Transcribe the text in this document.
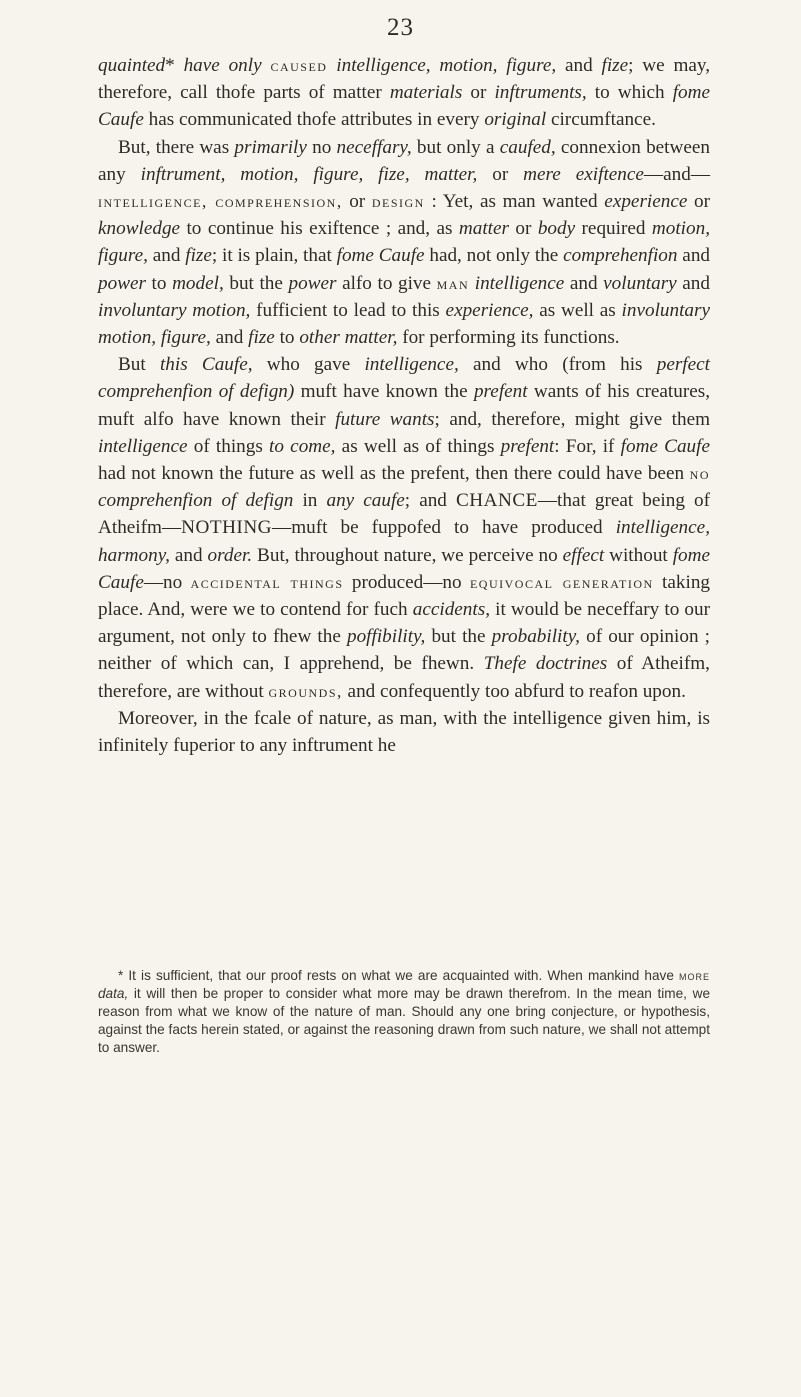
23

quainted* have only caused intelligence, motion, figure, and fize; we may, therefore, call thofe parts of matter materials or inftruments, to which fome Caufe has communicated thofe attributes in every original circumftance.

But, there was primarily no neceffary, but only a caufed, connexion between any inftrument, motion, figure, fize, matter, or mere exiftence—and—intelligence, comprehension, or design : Yet, as man wanted experience or knowledge to continue his exiftence ; and, as matter or body required motion, figure, and fize; it is plain, that fome Caufe had, not only the comprehenfion and power to model, but the power alfo to give man intelligence and voluntary and involuntary motion, fufficient to lead to this experience, as well as involuntary motion, figure, and fize to other matter, for performing its functions.

But this Caufe, who gave intelligence, and who (from his perfect comprehenfion of defign) muft have known the prefent wants of his creatures, muft alfo have known their future wants; and, therefore, might give them intelligence of things to come, as well as of things prefent: For, if fome Caufe had not known the future as well as the prefent, then there could have been no comprehenfion of defign in any caufe; and CHANCE—that great being of Atheifm—NOTHING—muft be fuppofed to have produced intelligence, harmony, and order. But, throughout nature, we perceive no effect without fome Caufe—no accidental things produced—no equivocal generation taking place. And, were we to contend for fuch accidents, it would be neceffary to our argument, not only to fhew the poffibility, but the probability, of our opinion ; neither of which can, I apprehend, be fhewn. Thefe doctrines of Atheifm, therefore, are without grounds, and confequently too abfurd to reafon upon.

Moreover, in the fcale of nature, as man, with the intelligence given him, is infinitely fuperior to any inftrument he

* It is sufficient, that our proof rests on what we are acquainted with. When mankind have more data, it will then be proper to consider what more may be drawn therefrom. In the mean time, we reason from what we know of the nature of man. Should any one bring conjecture, or hypothesis, against the facts herein stated, or against the reasoning drawn from such nature, we shall not attempt to answer.
